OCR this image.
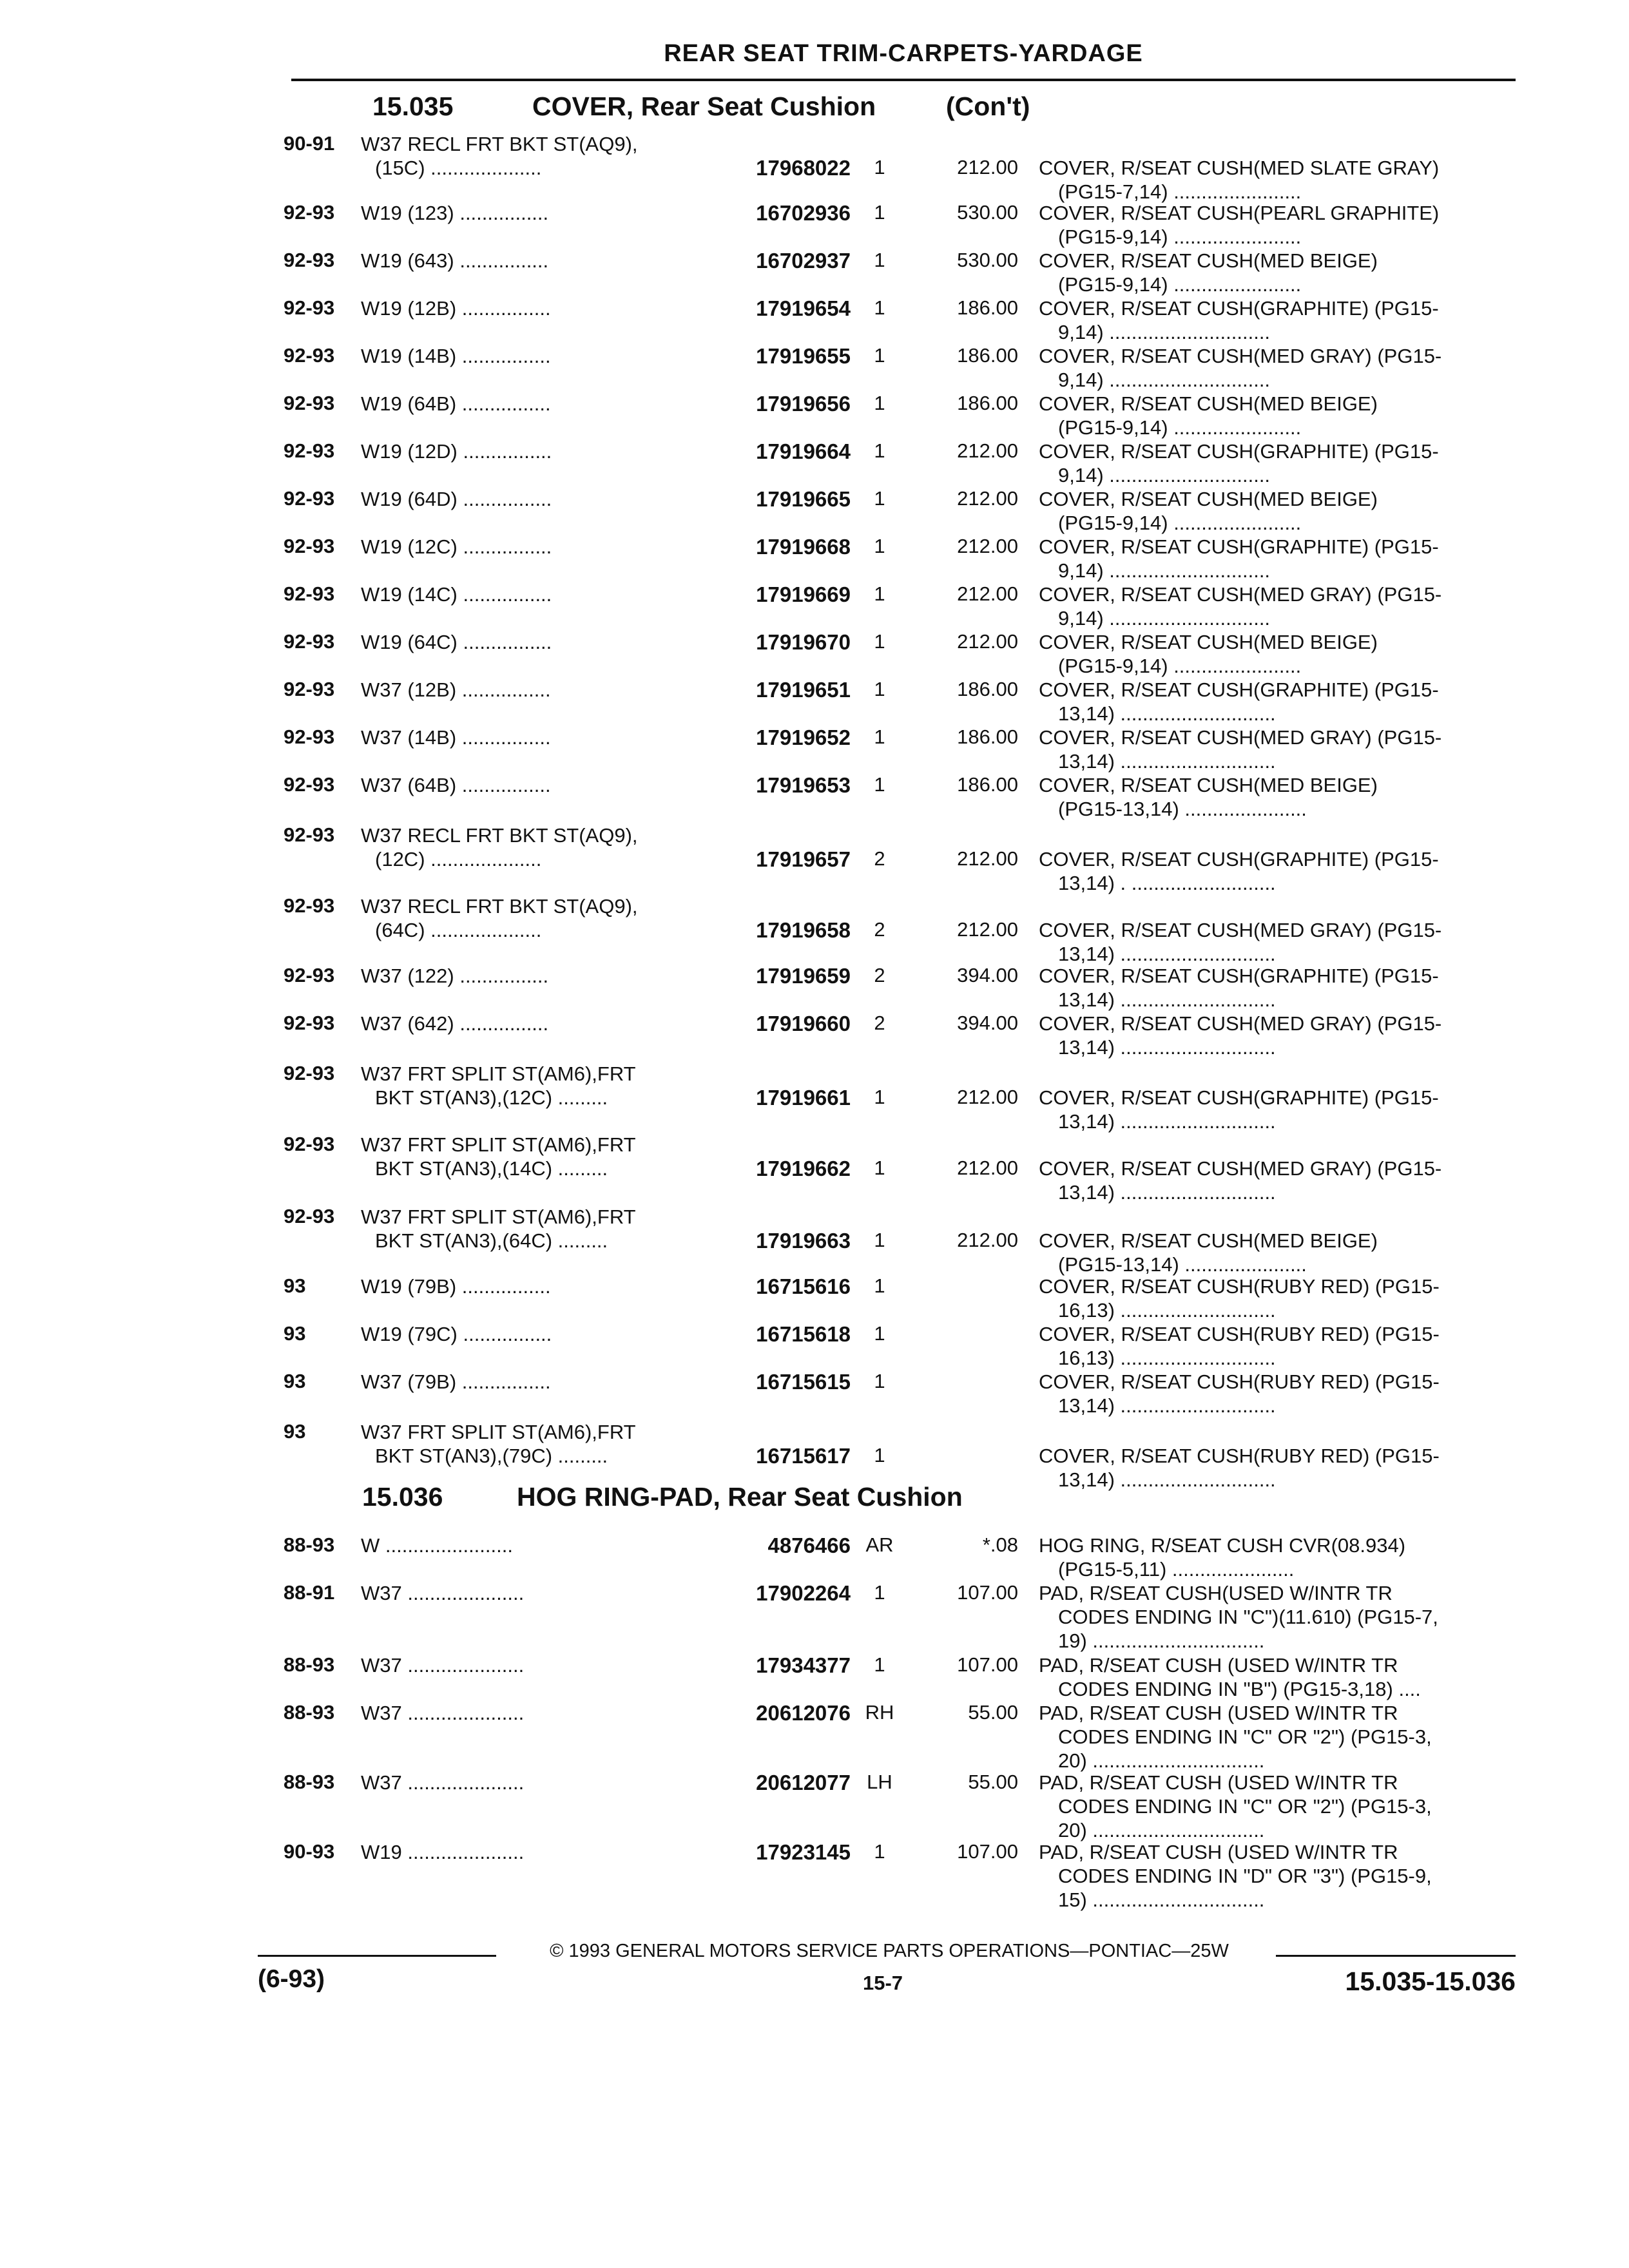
REAR SEAT TRIM-CARPETS-YARDAGE
15.035	COVER, Rear Seat Cushion	(Con't)
90-91 W37 RECL FRT BKT ST(AQ9),
(15C) ....................	17968022	1	212.00 COVER, R/SEAT CUSH(MED SLATE GRAY)
(PG15-7,14) .......................
92-93 W19 (123) ................	16702936	1	530.00 COVER, R/SEAT CUSH(PEARL GRAPHITE)
(PG15-9,14) .......................
92-93 W19 (643) ................	16702937	1	530.00 COVER, R/SEAT CUSH(MED BEIGE)
(PG15-9,14) .......................
92-93 W19 (12B) ................	17919654	1	186.00 COVER, R/SEAT CUSH(GRAPHITE) (PG15-
9,14) .............................
92-93 W19 (14B) ................	17919655	1	186.00 COVER, R/SEAT CUSH(MED GRAY) (PG15-
9,14) .............................
92-93 W19 (64B) ................	17919656	1	186.00 COVER, R/SEAT CUSH(MED BEIGE)
(PG15-9,14) .......................
92-93 W19 (12D) ................	17919664	1	212.00 COVER, R/SEAT CUSH(GRAPHITE) (PG15-
9,14) .............................
92-93 W19 (64D) ................	17919665	1	212.00 COVER, R/SEAT CUSH(MED BEIGE)
(PG15-9,14) .......................
92-93 W19 (12C) ................	17919668	1	212.00 COVER, R/SEAT CUSH(GRAPHITE) (PG15-
9,14) .............................
92-93 W19 (14C) ................	17919669	1	212.00 COVER, R/SEAT CUSH(MED GRAY) (PG15-
9,14) .............................
92-93 W19 (64C) ................	17919670	1	212.00 COVER, R/SEAT CUSH(MED BEIGE)
(PG15-9,14) .......................
92-93 W37 (12B) ................	17919651	1	186.00 COVER, R/SEAT CUSH(GRAPHITE) (PG15-
13,14) ............................
92-93 W37 (14B) ................	17919652	1	186.00 COVER, R/SEAT CUSH(MED GRAY) (PG15-
13,14) ............................
92-93 W37 (64B) ................	17919653	1	186.00 COVER, R/SEAT CUSH(MED BEIGE)
(PG15-13,14) ......................
92-93 W37 RECL FRT BKT ST(AQ9),
(12C) ....................	17919657	2	212.00 COVER, R/SEAT CUSH(GRAPHITE) (PG15-
13,14) . ..........................
92-93 W37 RECL FRT BKT ST(AQ9),
(64C) ....................	17919658	2	212.00 COVER, R/SEAT CUSH(MED GRAY) (PG15-
13,14) ............................
92-93 W37 (122) ................	17919659	2	394.00 COVER, R/SEAT CUSH(GRAPHITE) (PG15-
13,14) ............................
92-93 W37 (642) ................	17919660	2	394.00 COVER, R/SEAT CUSH(MED GRAY) (PG15-
13,14) ............................
92-93 W37 FRT SPLIT ST(AM6),FRT
BKT ST(AN3),(12C) .........	17919661	1	212.00 COVER, R/SEAT CUSH(GRAPHITE) (PG15-
13,14) ............................
92-93 W37 FRT SPLIT ST(AM6),FRT
BKT ST(AN3),(14C) .........	17919662	1	212.00 COVER, R/SEAT CUSH(MED GRAY) (PG15-
13,14) ............................
92-93 W37 FRT SPLIT ST(AM6),FRT
BKT ST(AN3),(64C) .........	17919663	1	212.00 COVER, R/SEAT CUSH(MED BEIGE)
(PG15-13,14) ......................
93	W19 (79B) ................	16715616	1	COVER, R/SEAT CUSH(RUBY RED) (PG15-
16,13) ............................
93	W19 (79C) ................	16715618	1	COVER, R/SEAT CUSH(RUBY RED) (PG15-
16,13) ............................
93	W37 (79B) ................	16715615	1	COVER, R/SEAT CUSH(RUBY RED) (PG15-
13,14) ............................
93	W37 FRT SPLIT ST(AM6),FRT
BKT ST(AN3),(79C) .........	16715617	1	COVER, R/SEAT CUSH(RUBY RED) (PG15-
13,14) ............................
15.036	HOG RING-PAD, Rear Seat Cushion
88-93 W .......................	4876466 AR	*.08 HOG RING, R/SEAT CUSH CVR(08.934)
(PG15-5,11) ......................
88-91 W37 .....................	17902264	1	107.00 PAD, R/SEAT CUSH(USED W/INTR TR
CODES ENDING IN "C")(11.610) (PG15-7,
19) ...............................
88-93 W37 .....................	17934377	1	107.00 PAD, R/SEAT CUSH (USED W/INTR TR
CODES ENDING IN "B") (PG15-3,18) ....
88-93 W37 .....................	20612076 RH	55.00 PAD, R/SEAT CUSH (USED W/INTR TR
CODES ENDING IN "C" OR "2") (PG15-3,
20) ...............................
88-93 W37 .....................	20612077 LH	55.00 PAD, R/SEAT CUSH (USED W/INTR TR
CODES ENDING IN "C" OR "2") (PG15-3,
20) ...............................
90-93 W19 .....................	17923145	1	107.00 PAD, R/SEAT CUSH (USED W/INTR TR
CODES ENDING IN "D" OR "3") (PG15-9,
15) ...............................
© 1993 GENERAL MOTORS SERVICE PARTS OPERATIONS—PONTIAC—25W
(6-93)	15-7	15.035-15.036
